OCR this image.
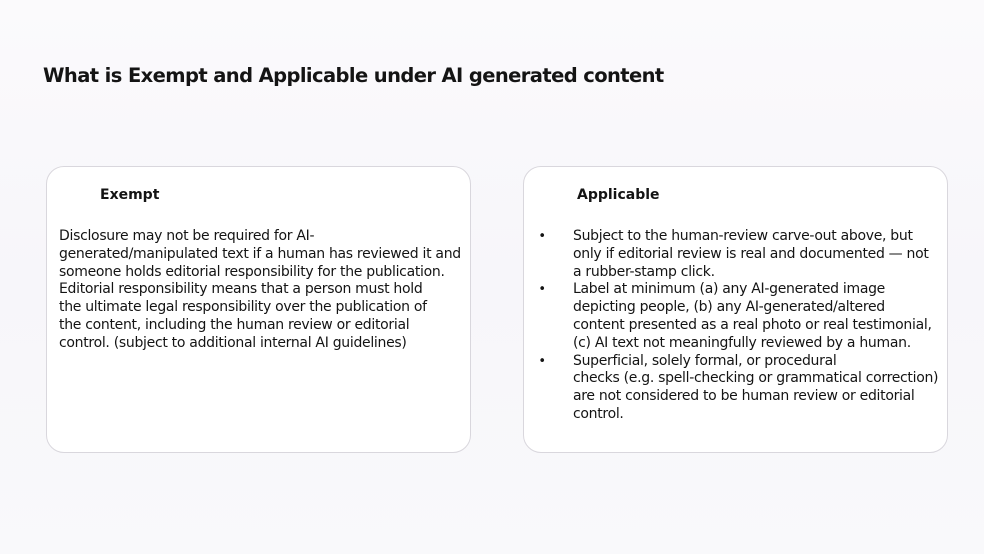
What is Exempt and Applicable under AI generated content
Exempt
Disclosure may not be required for AI-
generated/manipulated text if a human has reviewed it and
someone holds editorial responsibility for the publication.
Editorial responsibility means that a person must hold
the ultimate legal responsibility over the publication of
the content, including the human review or editorial
control. (subject to additional internal AI guidelines)
Applicable
• Subject to the human-review carve-out above, but
only if editorial review is real and documented — not
a rubber-stamp click.
• Label at minimum (a) any AI-generated image
depicting people, (b) any AI-generated/altered
content presented as a real photo or real testimonial,
(c) AI text not meaningfully reviewed by a human.
• Superficial, solely formal, or procedural
checks (e.g. spell-checking or grammatical correction)
are not considered to be human review or editorial
control.
